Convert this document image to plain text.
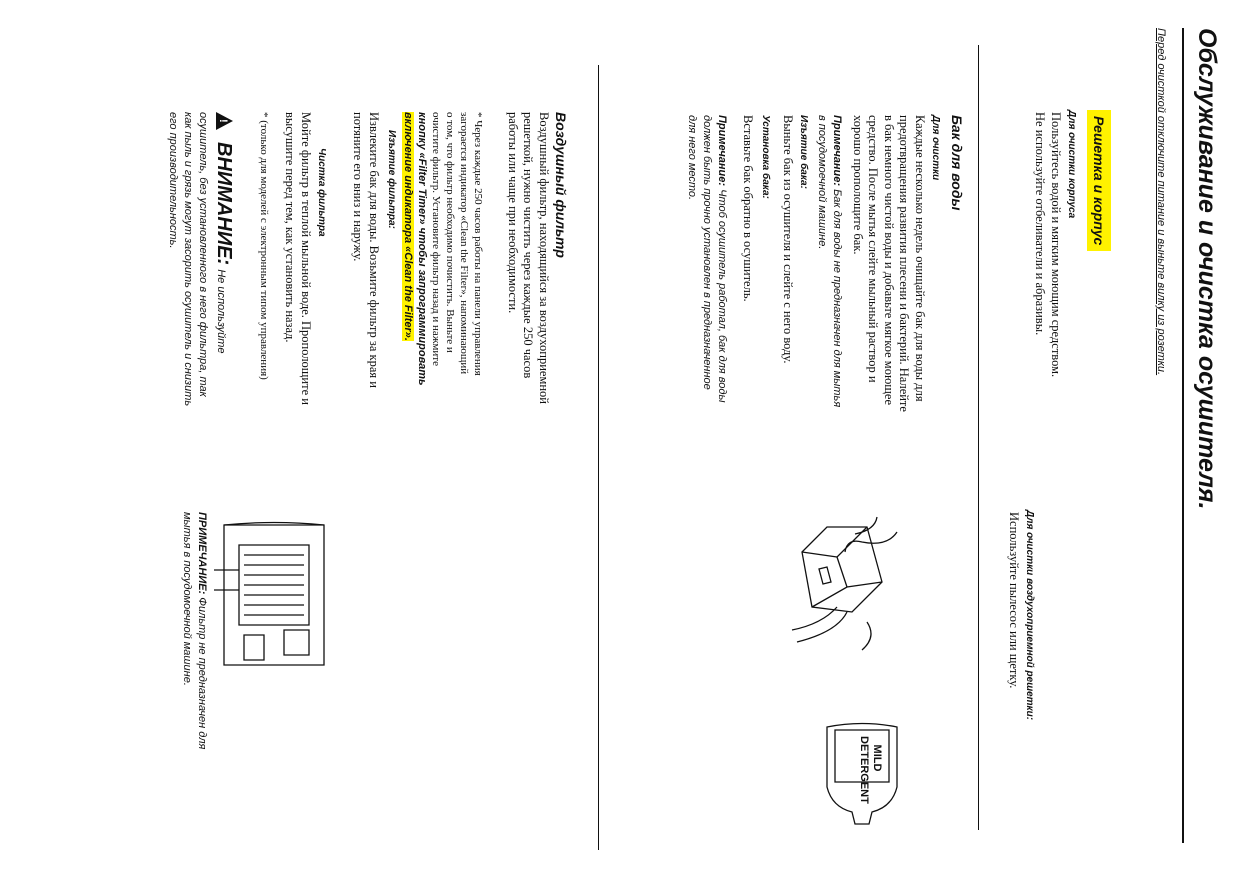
Обслуживание и очистка осушителя.
Перед очисткой отключите питание и выньте вилку из розетки.
Решетка и корпус
Для очистки корпуса
Пользуйтесь водой и мягким моющим средством.
Не используйте отбеливатели и абразивы.
Бак для воды
Для очистки
Каждые несколько недель очищайте бак для воды для
предотвращения развития плесени и бактерий. Налейте
в бак немного чистой воды и добавьте мягкое моющее
средство. После мытья слейте мыльный раствор и
хорошо прополощите бак.
Примечание: Бак для воды не предназначен для мытья
в посудомоечной машине.
Изъятие бака:
Выньте бак из осушителя и слейте с него воду.
Установка бака:
Вставьте бак обратно в осушитель.
Примечание: Чтоб осушитель работал, бак для воды
должен быть прочно установлен в предназначенное
для него место.
Для очистки воздухоприемной решетки:
Используйте пылесос или щетку.
MILD DETERGENT
Воздушный фильтр
Воздушный фильтр, находящийся за воздухоприемной
решеткой, нужно чистить через каждые 250 часов
работы или чаще при необходимости.
* Через каждые 250 часов работы на панели управления
загорается индикатор «Clean the Filter», напоминающий
о том, что фильтр необходимо почистить. Выньте и
очистите фильтр. Установите фильтр назад и нажмите
кнопку «Filter Timer» чтобы запрограммировать
включение индикатора «Clean the Filter».
Изъятие фильтра:
Извлеките бак для воды. Возьмите фильтр за края и
потяните его вниз и наружу.
Чистка фильтра
Мойте фильтр в теплой мыльной воде. Прополощите и
высушите перед тем, как установить назад.
* (только для моделей с электронным типом управления)
!
ВНИМАНИЕ: Не используйте
осушитель, без установленного в него фильтра, так
как пыль и грязь могут засорить осушитель и снизить
его производительность.
ПРИМЕЧАНИЕ: Фильтр не предназначен для
мытья в посудомоечной машине.
